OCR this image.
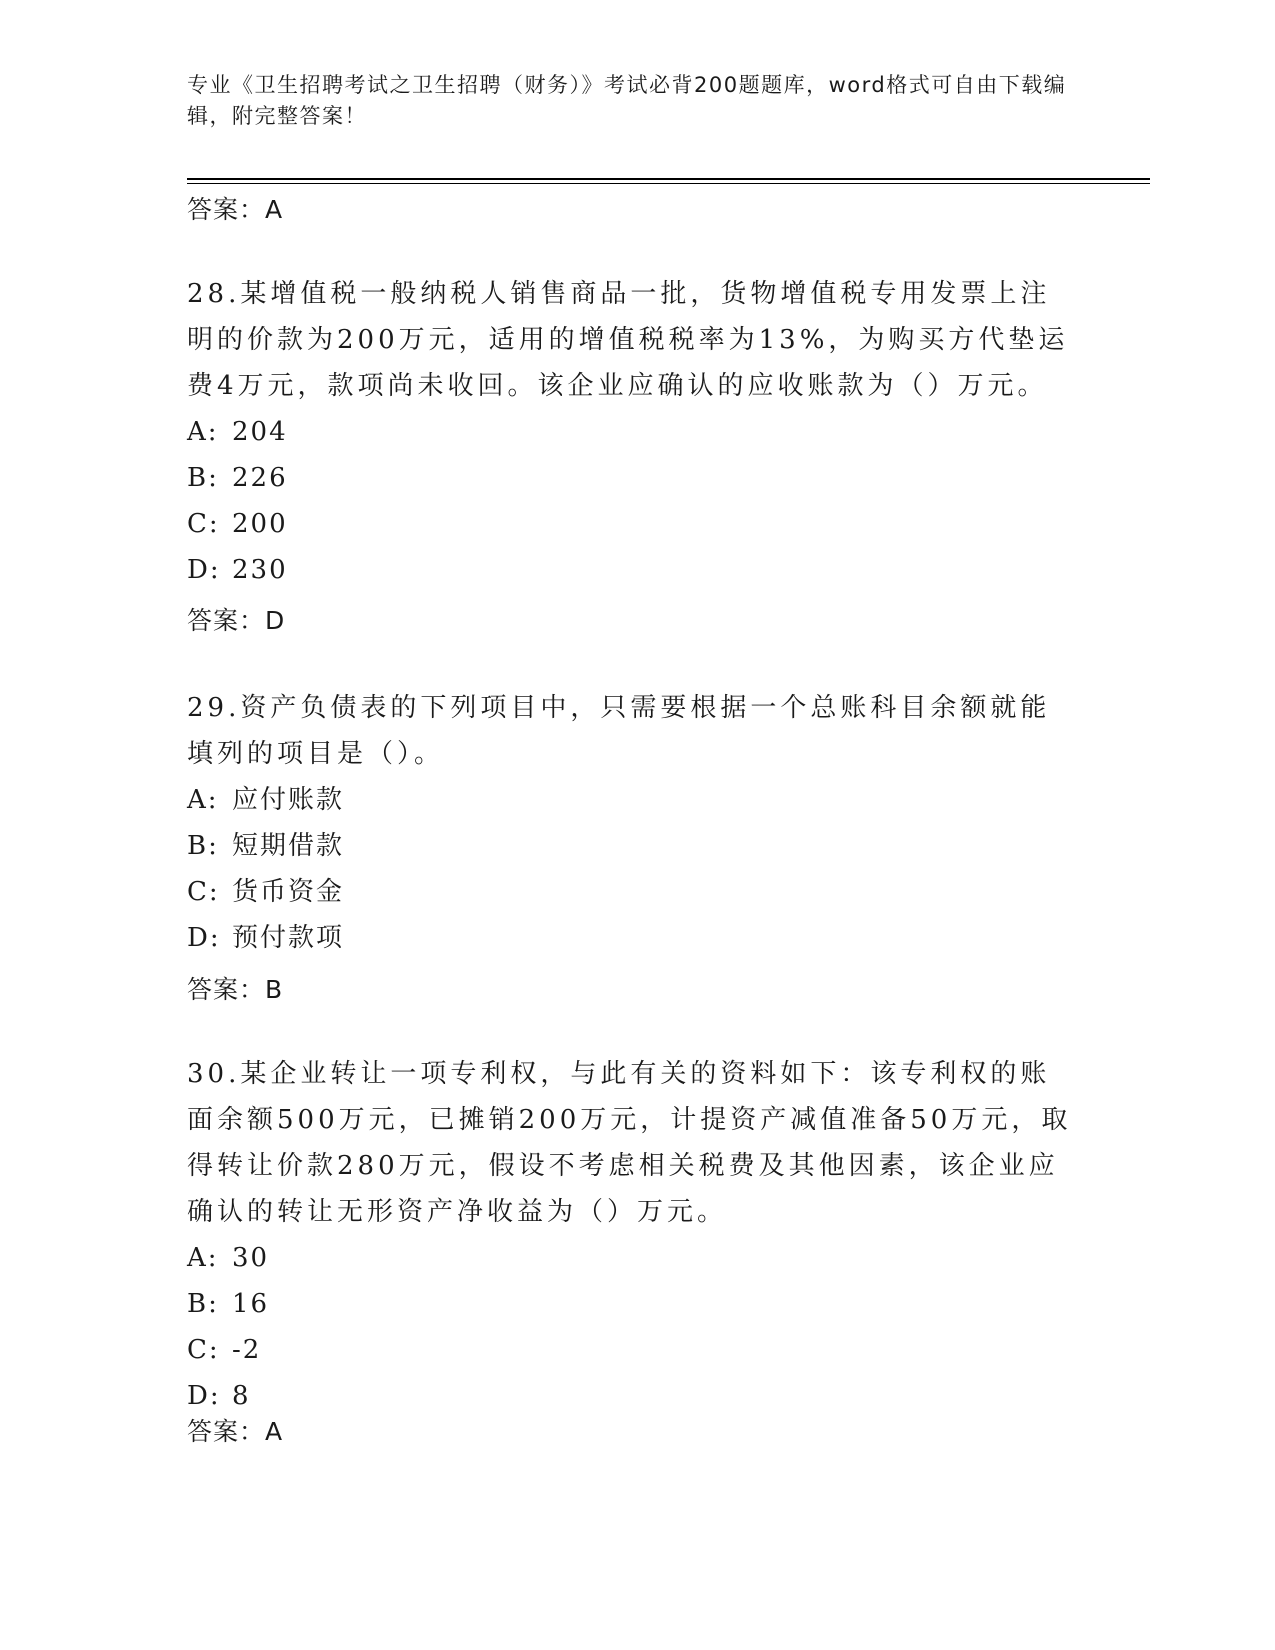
专业《卫生招聘考试之卫生招聘（财务）》考试必背200题题库，word格式可自由下载编辑，附完整答案！
答案：A

28.某增值税一般纳税人销售商品一批，货物增值税专用发票上注明的价款为200万元，适用的增值税税率为13%，为购买方代垫运费4万元，款项尚未收回。该企业应确认的应收账款为（）万元。

A: 204
B: 226
C: 200
D: 230
答案：D

29.资产负债表的下列项目中，只需要根据一个总账科目余额就能填列的项目是（）。

A: 应付账款
B: 短期借款
C: 货币资金
D: 预付款项
答案：B

30.某企业转让一项专利权，与此有关的资料如下：该专利权的账面余额500万元，已摊销200万元，计提资产减值准备50万元，取得转让价款280万元，假设不考虑相关税费及其他因素，该企业应确认的转让无形资产净收益为（）万元。

A: 30
B: 16
C: -2
D: 8
答案：A
